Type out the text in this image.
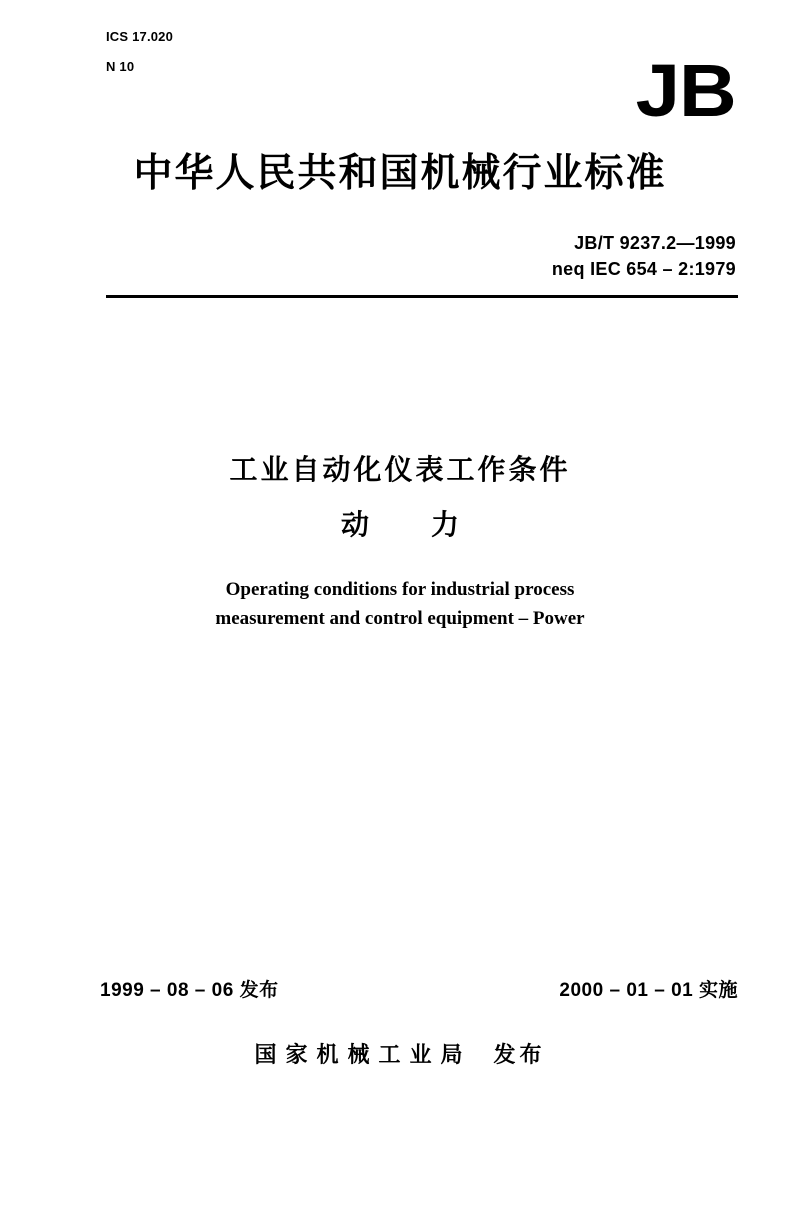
ICS 17.020
N 10	JB
中华人民共和国机械行业标准
JB/T 9237.2—1999
neq IEC 654 – 2:1979
工业自动化仪表工作条件
动力
Operating conditions for industrial process
measurement and control equipment – Power
1999 – 08 – 06 发布	2000 – 01 – 01 实施
国家机械工业局 发布
